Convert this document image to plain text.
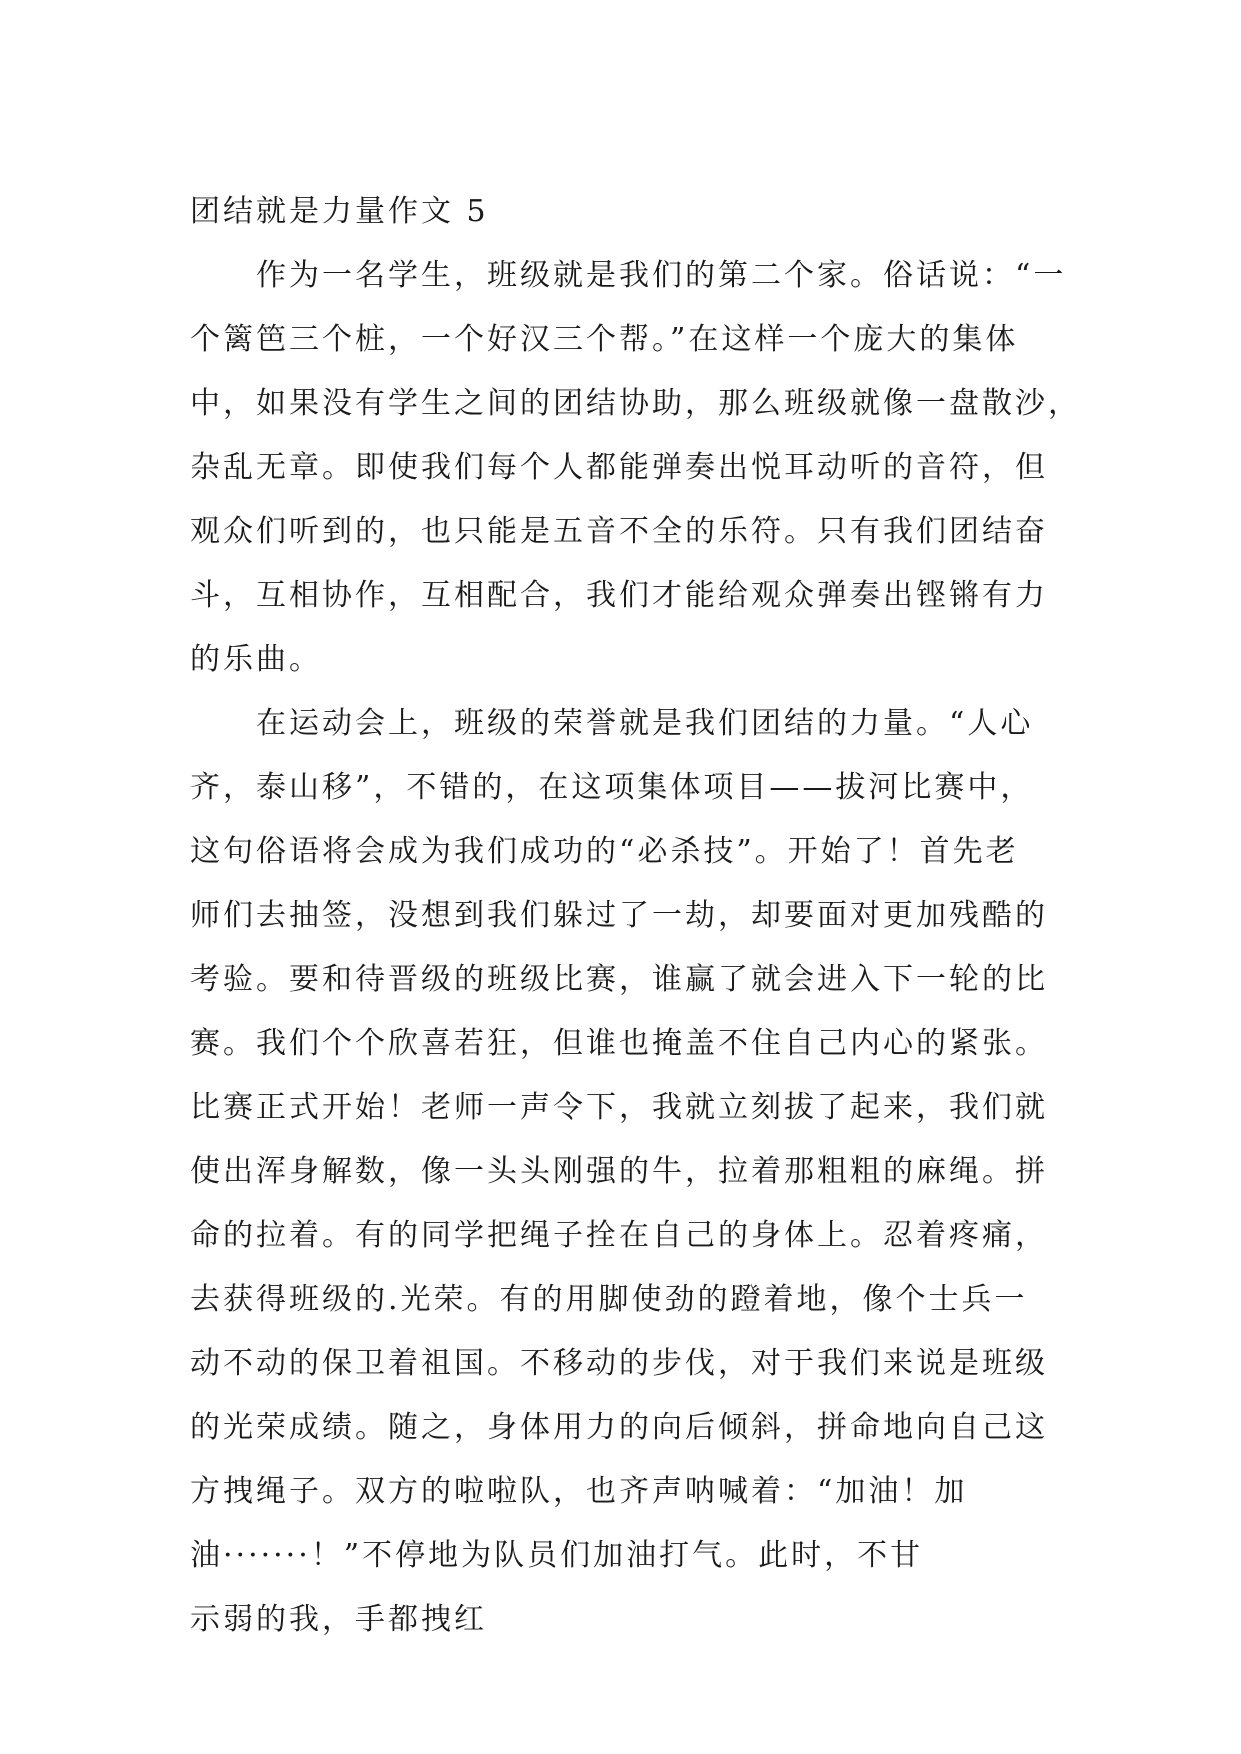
团结就是力量作文 5
　　作为一名学生，班级就是我们的第二个家。俗话说：“一
个篱笆三个桩，一个好汉三个帮。”在这样一个庞大的集体
中，如果没有学生之间的团结协助，那么班级就像一盘散沙，
杂乱无章。即使我们每个人都能弹奏出悦耳动听的音符，但
观众们听到的，也只能是五音不全的乐符。只有我们团结奋
斗，互相协作，互相配合，我们才能给观众弹奏出铿锵有力
的乐曲。
　　在运动会上，班级的荣誉就是我们团结的力量。“人心
齐，泰山移”，不错的，在这项集体项目——拔河比赛中，
这句俗语将会成为我们成功的“必杀技”。开始了！首先老
师们去抽签，没想到我们躲过了一劫，却要面对更加残酷的
考验。要和待晋级的班级比赛，谁赢了就会进入下一轮的比
赛。我们个个欣喜若狂，但谁也掩盖不住自己内心的紧张。
比赛正式开始！老师一声令下，我就立刻拔了起来，我们就
使出浑身解数，像一头头刚强的牛，拉着那粗粗的麻绳。拼
命的拉着。有的同学把绳子拴在自己的身体上。忍着疼痛，
去获得班级的.光荣。有的用脚使劲的蹬着地，像个士兵一
动不动的保卫着祖国。不移动的步伐，对于我们来说是班级
的光荣成绩。随之，身体用力的向后倾斜，拼命地向自己这
方拽绳子。双方的啦啦队，也齐声呐喊着：“加油！加
油·······！”不停地为队员们加油打气。此时，不甘
示弱的我，手都拽红
